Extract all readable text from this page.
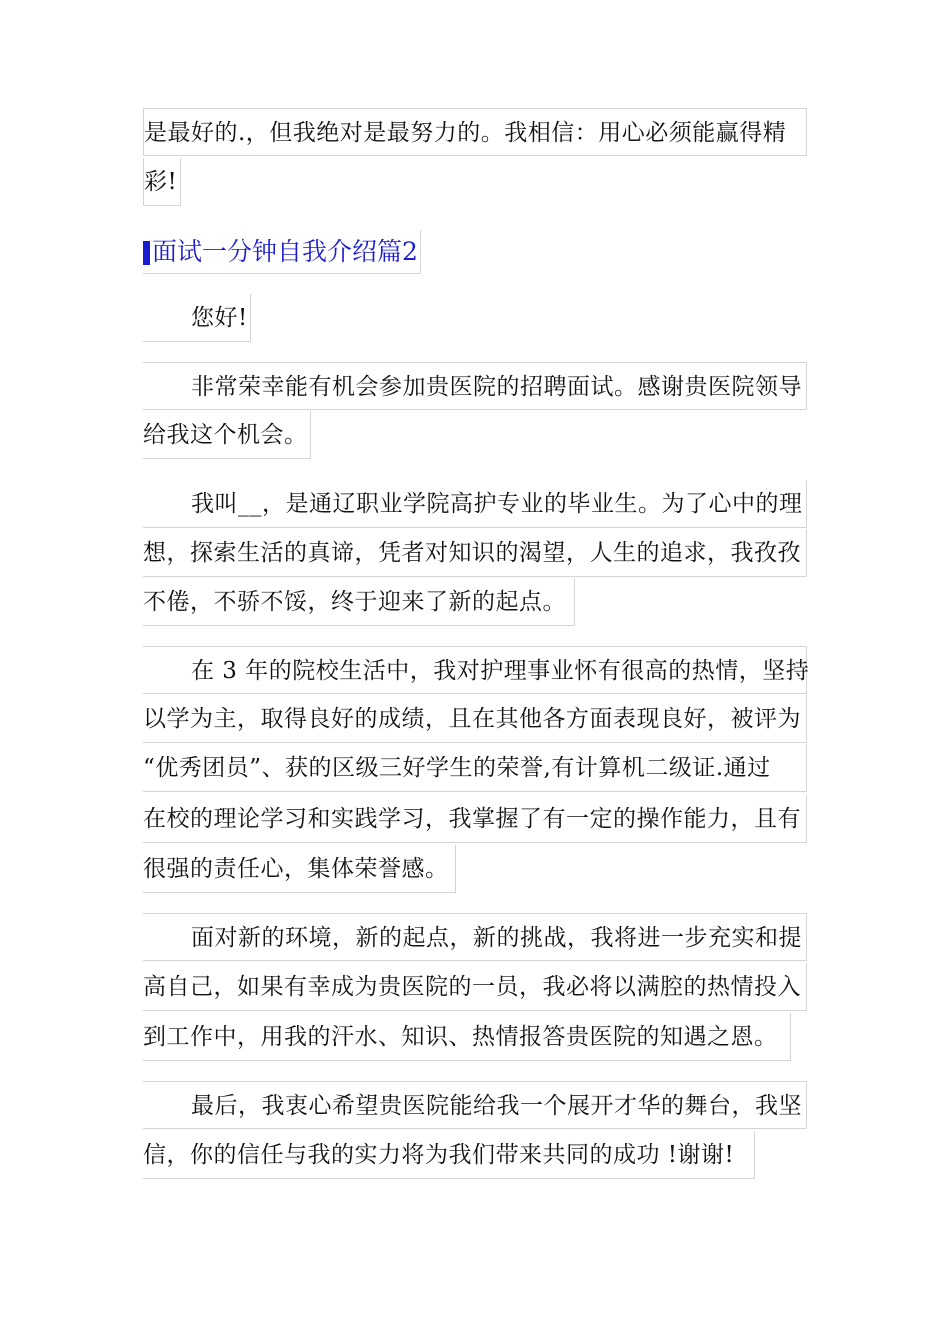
是最好的.，但我绝对是最努力的。我相信：用心必须能赢得精
彩!
面试一分钟自我介绍篇2
您好!
非常荣幸能有机会参加贵医院的招聘面试。感谢贵医院领导
给我这个机会。
我叫__，是通辽职业学院高护专业的毕业生。为了心中的理
想，探索生活的真谛，凭者对知识的渴望，人生的追求，我孜孜
不倦，不骄不馁，终于迎来了新的起点。
在 3 年的院校生活中，我对护理事业怀有很高的热情，坚持
以学为主，取得良好的成绩，且在其他各方面表现良好，被评为
“优秀团员”、获的区级三好学生的荣誉,有计算机二级证.通过
在校的理论学习和实践学习，我掌握了有一定的操作能力，且有
很强的责任心，集体荣誉感。
面对新的环境，新的起点，新的挑战，我将进一步充实和提
高自己，如果有幸成为贵医院的一员，我必将以满腔的热情投入
到工作中，用我的汗水、知识、热情报答贵医院的知遇之恩。
最后，我衷心希望贵医院能给我一个展开才华的舞台，我坚
信，你的信任与我的实力将为我们带来共同的成功 !谢谢!
